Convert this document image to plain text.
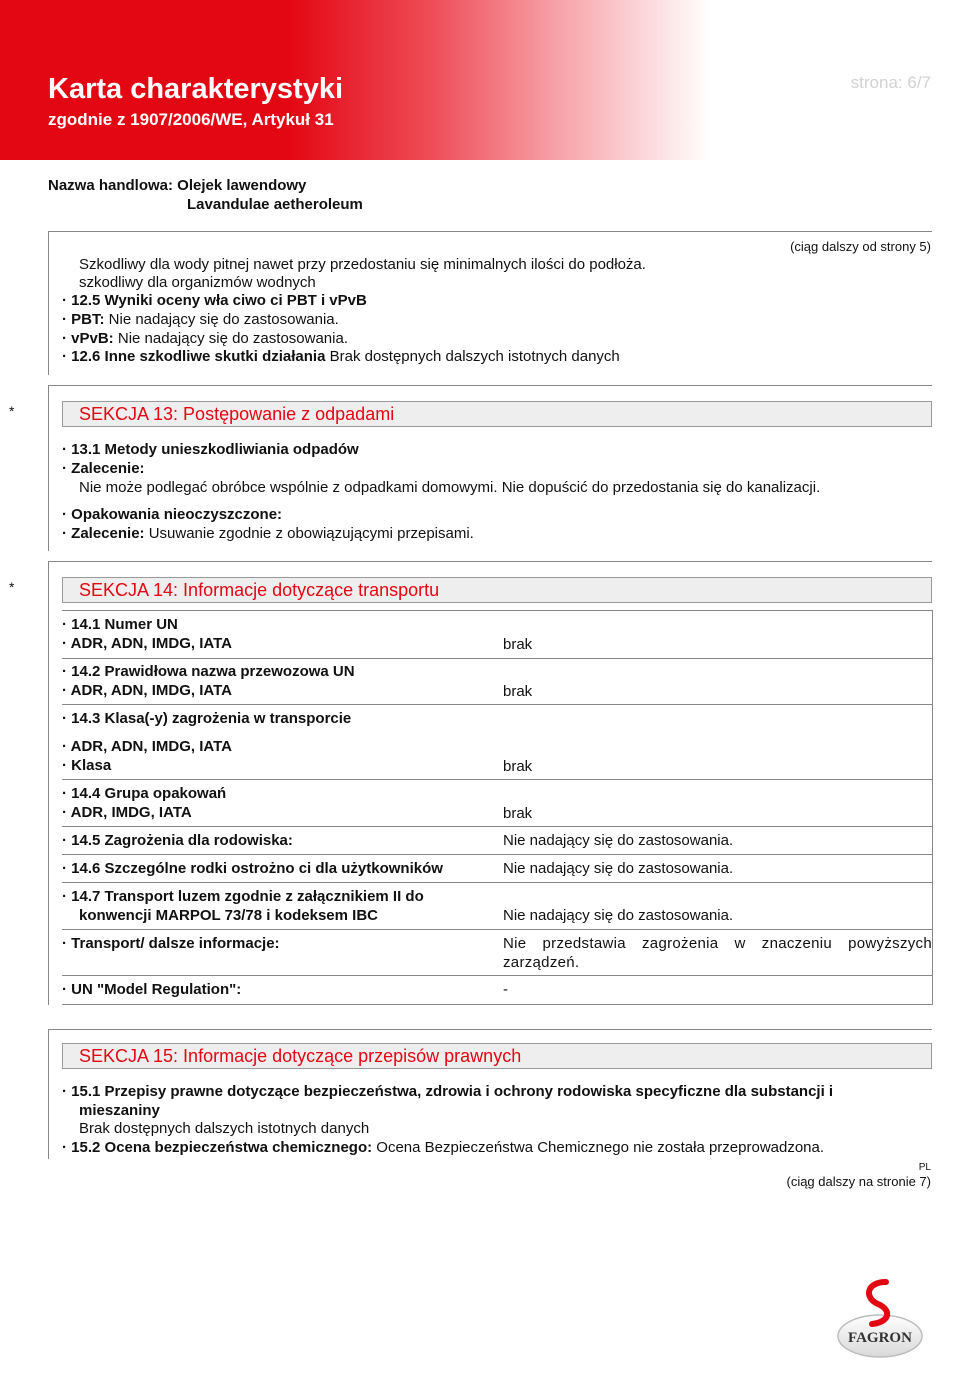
Karta charakterystyki
zgodnie z 1907/2006/WE, Artykuł 31
strona: 6/7
Data druku: 03.10.2014
Aktualizacja: 03.10.2014
Numer wersji 24
Nazwa handlowa: Olejek lawendowy
Lavandulae aetheroleum
(ciąg dalszy od strony 5)
Szkodliwy dla wody pitnej nawet przy przedostaniu się minimalnych ilości do podłoża.
szkodliwy dla organizmów wodnych
· 12.5 Wyniki oceny wła ciwo ci PBT i vPvB
· PBT: Nie nadający się do zastosowania.
· vPvB: Nie nadający się do zastosowania.
· 12.6 Inne szkodliwe skutki działania Brak dostępnych dalszych istotnych danych
*	SEKCJA 13: Postępowanie z odpadami
· 13.1 Metody unieszkodliwiania odpadów
· Zalecenie:
Nie może podlegać obróbce wspólnie z odpadkami domowymi. Nie dopuścić do przedostania się do kanalizacji.
· Opakowania nieoczyszczone:
· Zalecenie: Usuwanie zgodnie z obowiązującymi przepisami.
*	SEKCJA 14: Informacje dotyczące transportu
· 14.1 Numer UN
· ADR, ADN, IMDG, IATA	brak
· 14.2 Prawidłowa nazwa przewozowa UN
· ADR, ADN, IMDG, IATA	brak
· 14.3 Klasa(-y) zagrożenia w transporcie
· ADR, ADN, IMDG, IATA
· Klasa	brak
· 14.4 Grupa opakowań
· ADR, IMDG, IATA	brak
· 14.5 Zagrożenia dla rodowiska:	Nie nadający się do zastosowania.
· 14.6 Szczególne rodki ostrożno ci dla użytkowników	Nie nadający się do zastosowania.
· 14.7 Transport luzem zgodnie z załącznikiem II do
konwencji MARPOL 73/78 i kodeksem IBC	Nie nadający się do zastosowania.
· Transport/ dalsze informacje:	Nie przedstawia zagrożenia w znaczeniu powyższych zarządzeń.
· UN "Model Regulation":	-
SEKCJA 15: Informacje dotyczące przepisów prawnych
· 15.1 Przepisy prawne dotyczące bezpieczeństwa, zdrowia i ochrony rodowiska specyficzne dla substancji i
mieszaniny
Brak dostępnych dalszych istotnych danych
· 15.2 Ocena bezpieczeństwa chemicznego: Ocena Bezpieczeństwa Chemicznego nie została przeprowadzona.
PL
(ciąg dalszy na stronie 7)
FAGRON
